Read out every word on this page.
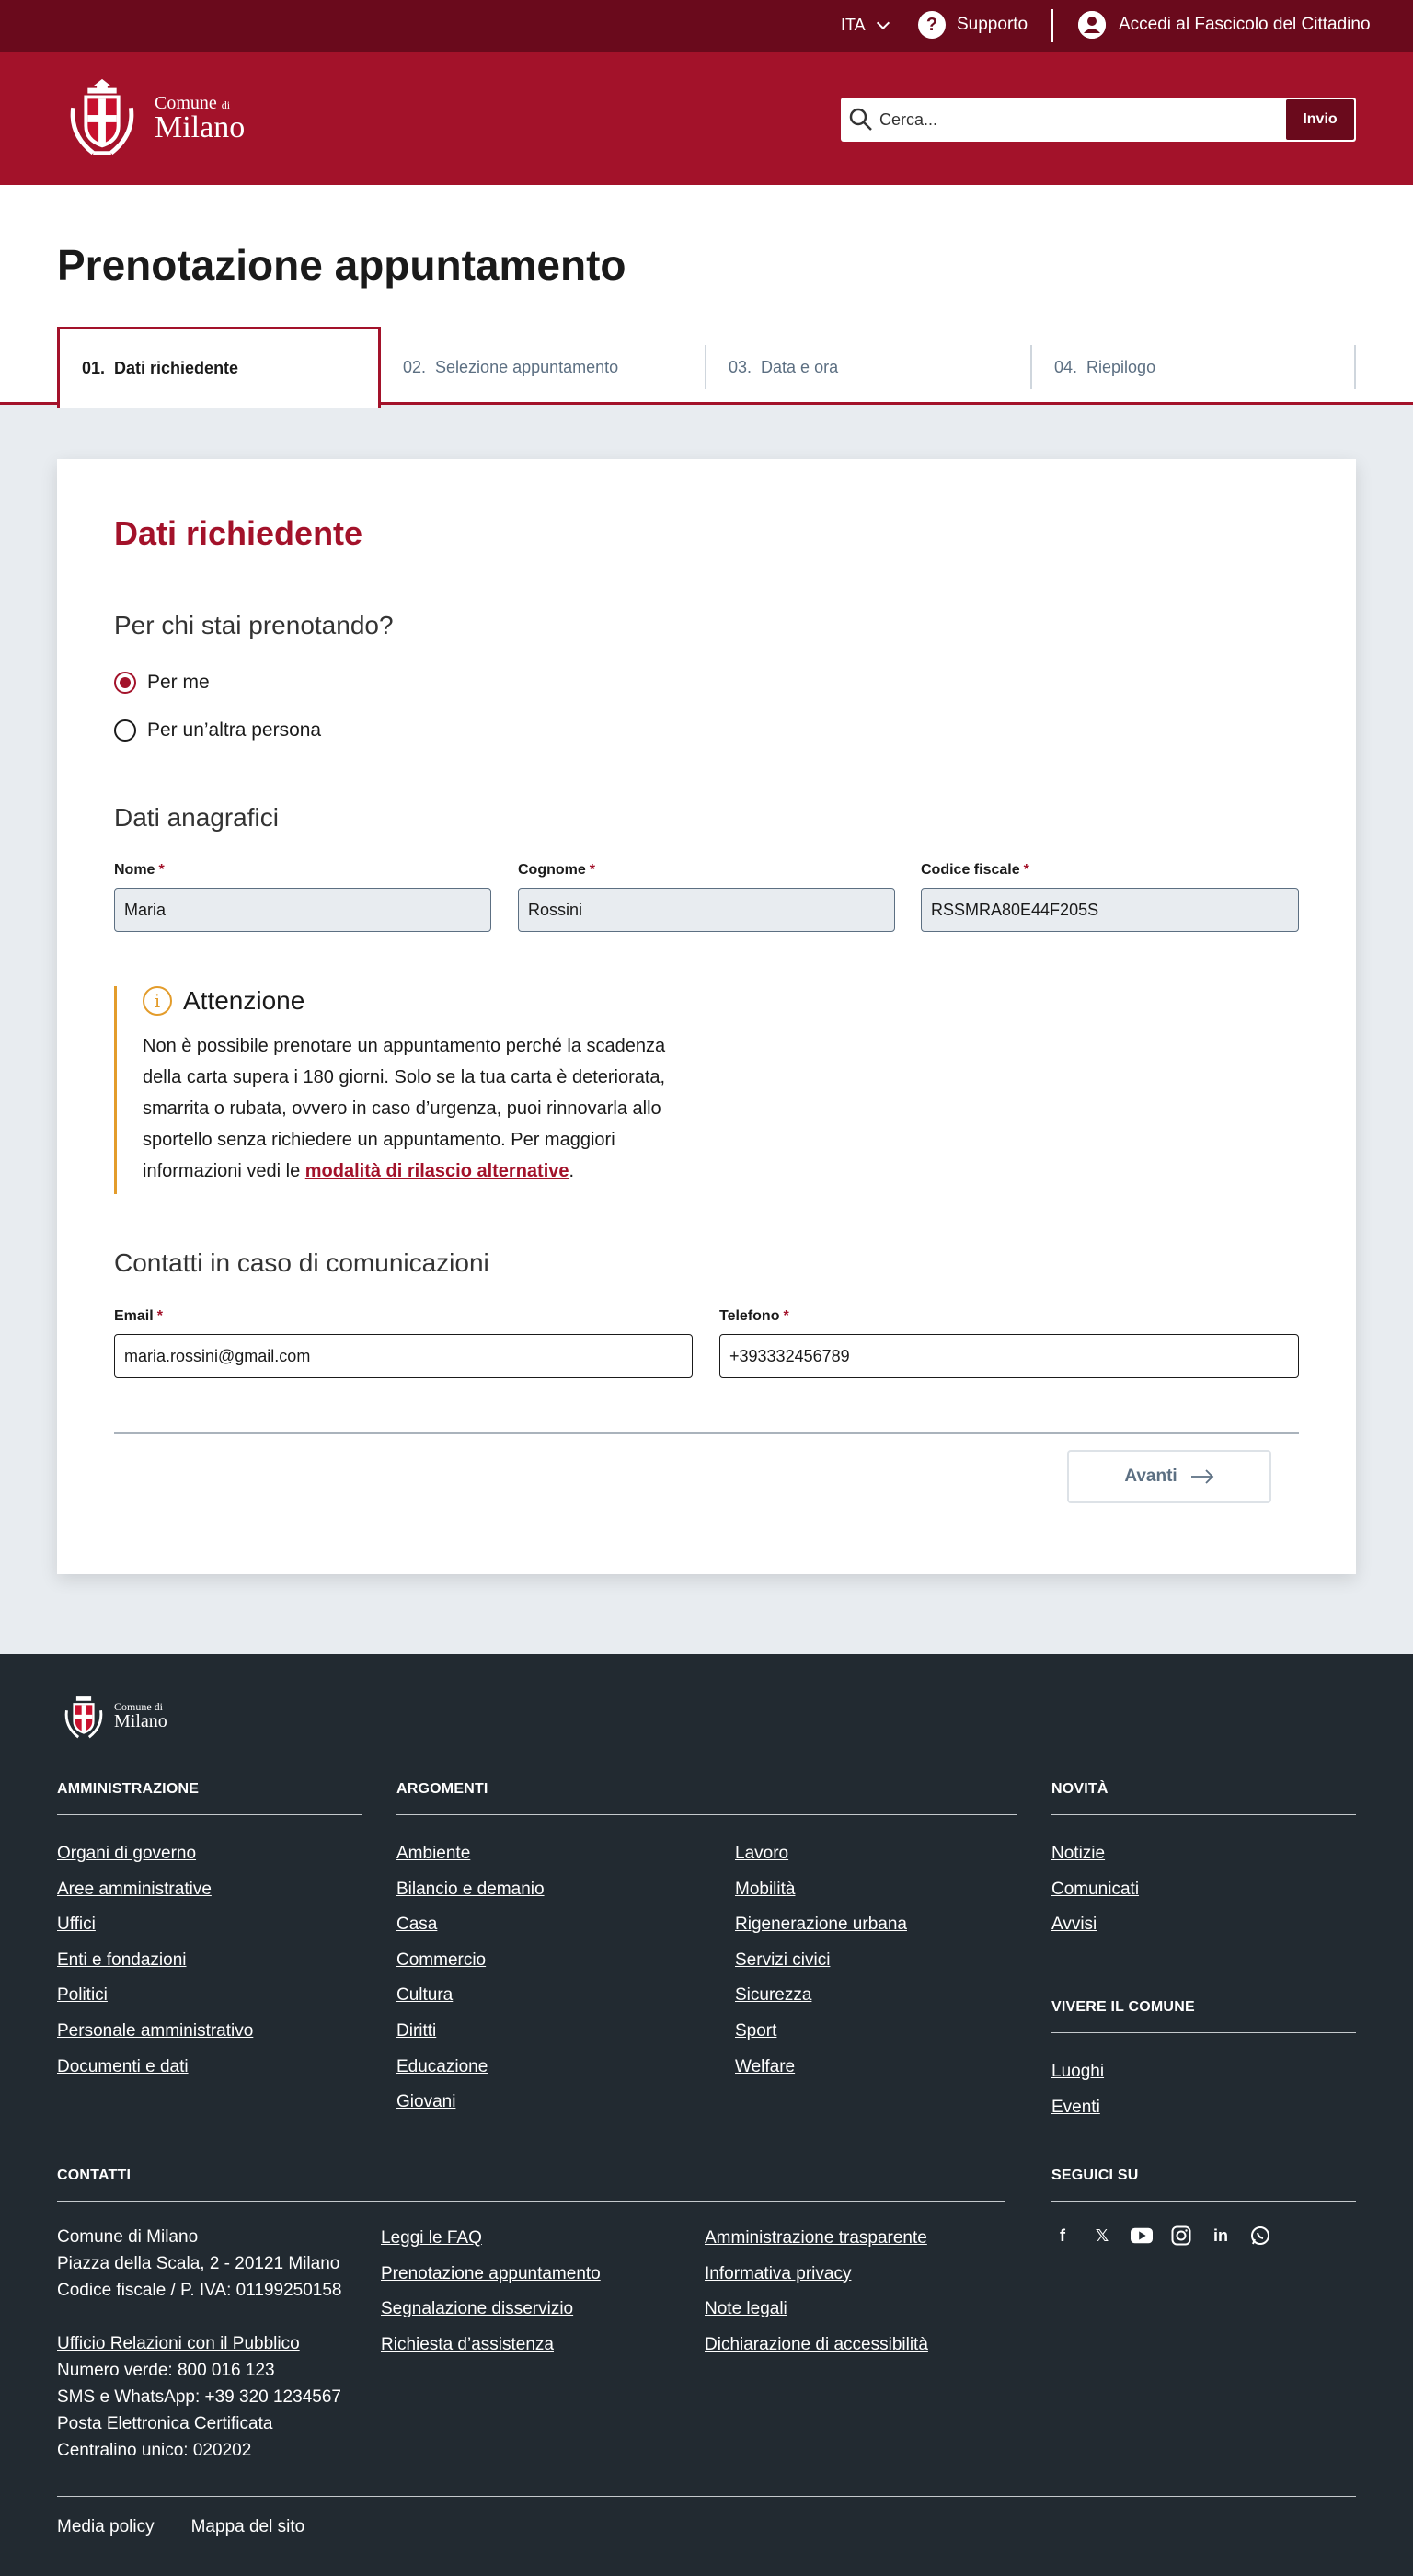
ITA	?	Supporto	Accedi al Fascicolo del Cittadino
Comune di
Milano
Cerca...	Invio
Prenotazione appuntamento
01. Dati richiedente	02. Selezione appuntamento	03. Data e ora	04. Riepilogo
Dati richiedente
Per chi stai prenotando?
Per me
Per un’altra persona
Dati anagrafici
Nome *
Maria
Cognome *
Rossini
Codice fiscale *
RSSMRA80E44F205S
i Attenzione
Non è possibile prenotare un appuntamento perché la scadenza della carta supera i 180 giorni. Solo se la tua carta è deteriorata, smarrita o rubata, ovvero in caso d’urgenza, puoi rinnovarla allo sportello senza richiedere un appuntamento. Per maggiori informazioni vedi le modalità di rilascio alternative.
Contatti in caso di comunicazioni
Email *
maria.rossini@gmail.com
Telefono *
+393332456789
Avanti
Comune di
Milano
AMMINISTRAZIONE
Organi di governo
Aree amministrative
Uffici
Enti e fondazioni
Politici
Personale amministrativo
Documenti e dati
ARGOMENTI
Ambiente
Bilancio e demanio
Casa
Commercio
Cultura
Diritti
Educazione
Giovani
Lavoro
Mobilità
Rigenerazione urbana
Servizi civici
Sicurezza
Sport
Welfare
NOVITÀ
Notizie
Comunicati
Avvisi
VIVERE IL COMUNE
Luoghi
Eventi
CONTATTI
Comune di Milano
Piazza della Scala, 2 - 20121 Milano
Codice fiscale / P. IVA: 01199250158
Ufficio Relazioni con il Pubblico
Numero verde: 800 016 123
SMS e WhatsApp: +39 320 1234567
Posta Elettronica Certificata
Centralino unico: 020202
Leggi le FAQ
Prenotazione appuntamento
Segnalazione disservizio
Richiesta d’assistenza
Amministrazione trasparente
Informativa privacy
Note legali
Dichiarazione di accessibilità
SEGUICI SU
f	𝕏	in
Media policy Mappa del sito
